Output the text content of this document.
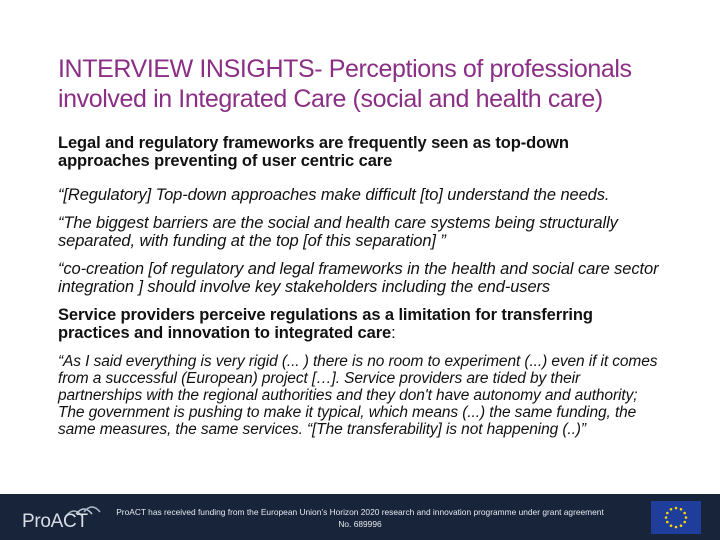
INTERVIEW INSIGHTS- Perceptions of professionals involved in Integrated Care (social and health care)
Legal and regulatory frameworks are frequently seen as top-down approaches preventing of user centric care
“[Regulatory] Top-down approaches make difficult [to] understand the needs.
“The biggest barriers are the social and health care systems being structurally separated, with funding at the top [of this separation] ”
“co-creation [of regulatory and legal frameworks in the health and social care sector integration ] should involve key stakeholders including the end-users
Service providers perceive regulations as a limitation for transferring practices and innovation to integrated care:
“As I said everything is very rigid (... ) there is no room to experiment (...) even if it comes from a successful (European) project […]. Service providers are tided by their partnerships with the regional authorities and they don't have autonomy and authority; The government is pushing to make it typical, which means (...) the same funding, the same measures, the same services. “[The transferability] is not happening (..)”
ProACT	ProACT has received funding from the European Union’s Horizon 2020 research and innovation programme under grant agreement No. 689996
